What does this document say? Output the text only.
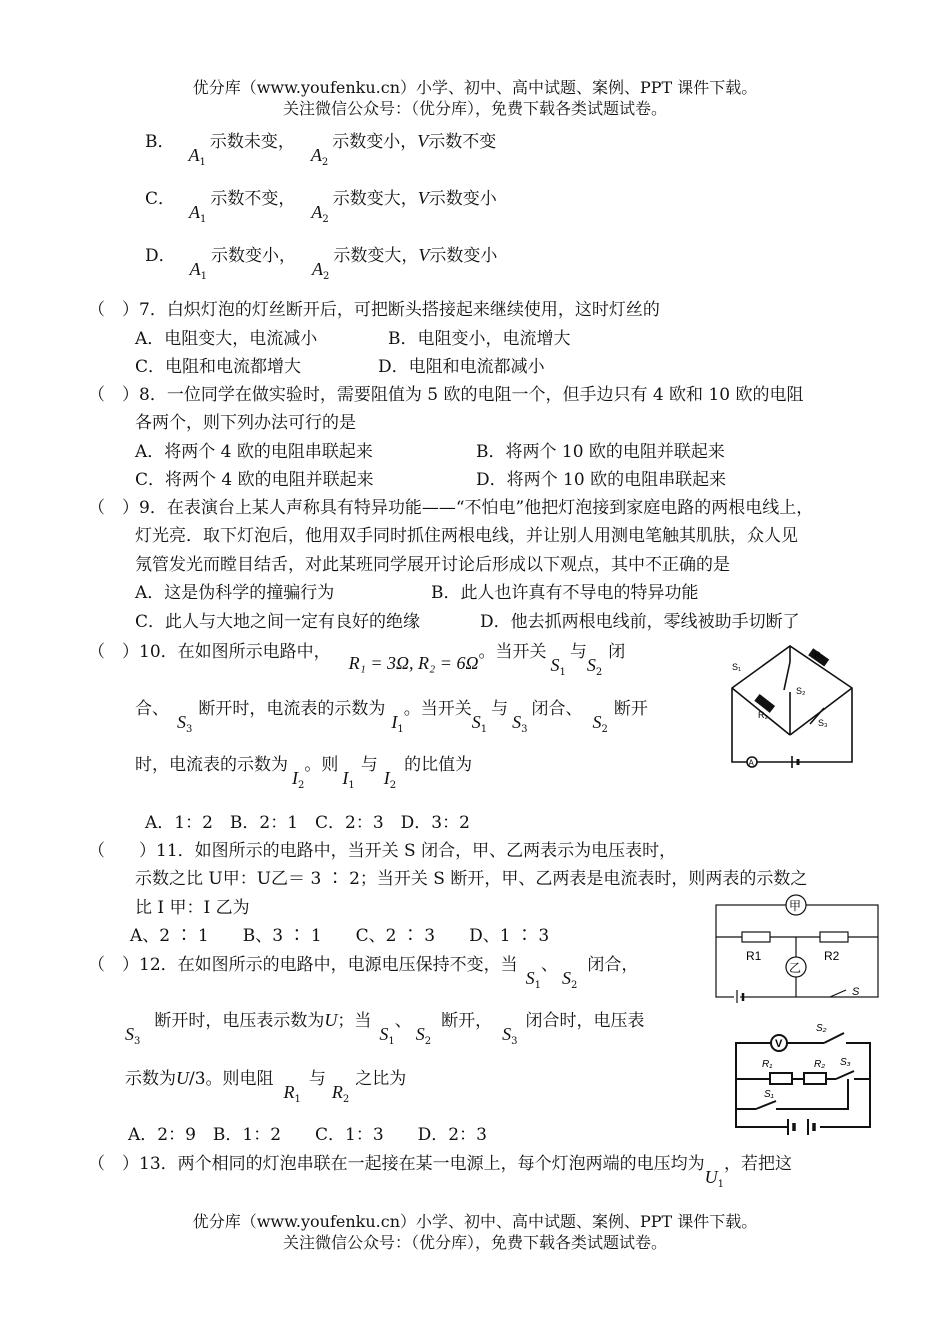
优分库（www.youfenku.cn）小学、初中、高中试题、案例、PPT 课件下载。
关注微信公众号：（优分库），免费下载各类试题试卷。
B．$A_1$示数未变，$A_2$示数变小，V示数不变
C．$A_1$示数不变，$A_2$示数变大，V示数变小
D．$A_1$示数变小，$A_2$示数变大，V示数变小
（　）7．白炽灯泡的灯丝断开后，可把断头搭接起来继续使用，这时灯丝的
A．电阻变大，电流减小	B．电阻变小，电流增大
C．电阻和电流都增大	D．电阻和电流都减小
（　）8．一位同学在做实验时，需要阻值为 5 欧的电阻一个，但手边只有 4 欧和 10 欧的电阻
各两个，则下列办法可行的是
A．将两个 4 欧的电阻串联起来	B．将两个 10 欧的电阻并联起来
C．将两个 4 欧的电阻并联起来	D．将两个 10 欧的电阻串联起来
（　）9．在表演台上某人声称具有特异功能——“不怕电”他把灯泡接到家庭电路的两根电线上，
灯光亮．取下灯泡后，他用双手同时抓住两根电线，并让别人用测电笔触其肌肤，众人见
氖管发光而瞠目结舌，对此某班同学展开讨论后形成以下观点，其中不正确的是
A．这是伪科学的撞骗行为	B．此人也许真有不导电的特异功能
C．此人与大地之间一定有良好的绝缘	D．他去抓两根电线前，零线被助手切断了
（　）10．在如图所示电路中，R₁ = 3Ω, R₂ = 6Ω。当开关$S_1$与$S_2$闭
合、$S_3$断开时，电流表的示数为$I_1$。当开关$S_1$与$S_3$闭合、$S_2$断开
时，电流表的示数为$I_2$。则$I_1$与$I_2$的比值为
A．1：2　B．2：1　C．2：3　D．3：2
S₁
R₁
S₂
R₂
S₃
A
（　　）11．如图所示的电路中，当开关 S 闭合，甲、乙两表示为电压表时，
示数之比 U甲：U乙＝ 3 ∶ 2；当开关 S 断开，甲、乙两表是电流表时，则两表的示数之
比 I 甲：I 乙为
A、2 ∶ 1　　B、3 ∶ 1　　C、2 ∶ 3　　D、1 ∶ 3
甲
乙
R1	R2
S
（　）12．在如图所示的电路中，电源电压保持不变，当$S_1$、$S_2$闭合，
$S_3$断开时，电压表示数为U；当$S_1$、$S_2$断开，$S_3$闭合时，电压表
示数为U/3。则电阻$R_1$与$R_2$之比为
A．2：9　B．1：2　　C．1：3　　D．2：3
V
S₂
R₁	R₂ S₃
S₁
（　）13．两个相同的灯泡串联在一起接在某一电源上，每个灯泡两端的电压均为$U_1$，若把这
优分库（www.youfenku.cn）小学、初中、高中试题、案例、PPT 课件下载。
关注微信公众号：（优分库），免费下载各类试题试卷。
